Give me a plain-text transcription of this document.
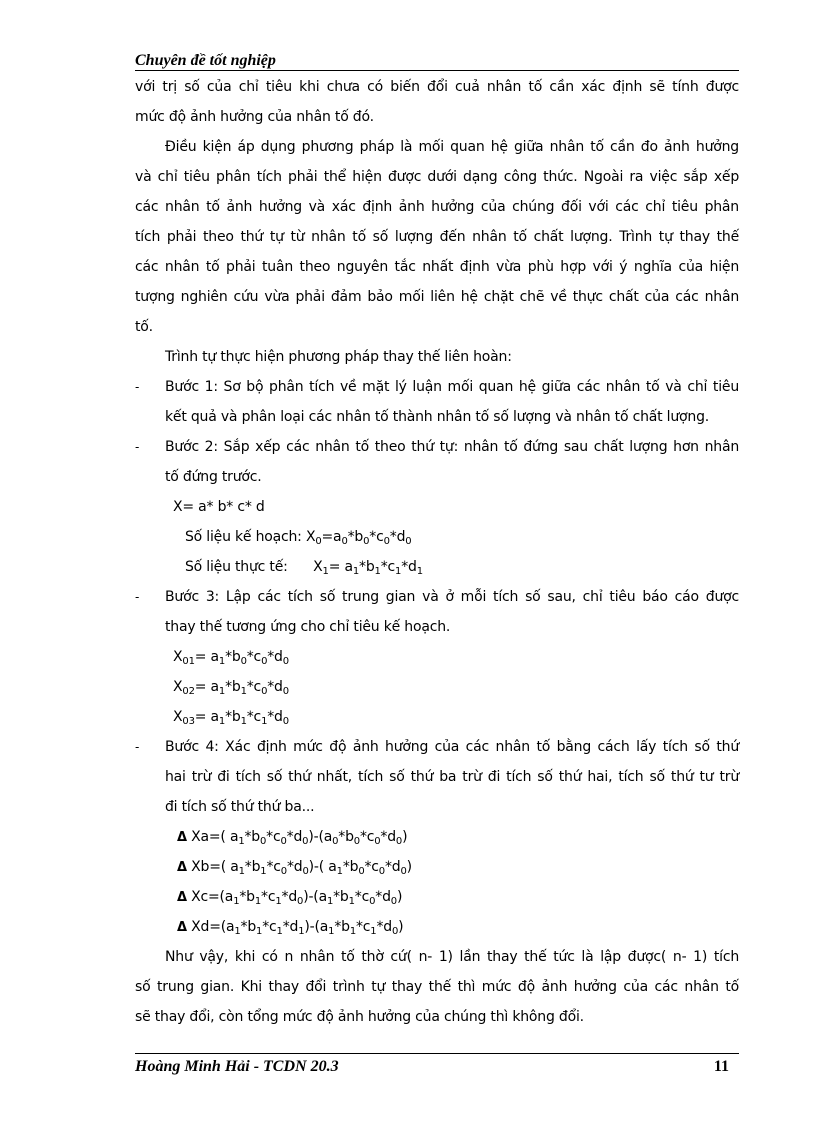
Chuyên đề tốt nghiệp
với trị số của chỉ tiêu khi chưa có biến đổi cuả nhân tố cần xác định sẽ tính được
mức độ ảnh hưởng của nhân tố đó.
Điều kiện áp dụng phương pháp là mối quan hệ giữa nhân tố cần đo ảnh hưởng
và chỉ tiêu phân tích phải thể hiện được dưới dạng công thức. Ngoài ra việc sắp xếp
các nhân tố ảnh hưởng và xác định ảnh hưởng của chúng đối với các chỉ tiêu phân
tích phải theo thứ tự từ nhân tố số lượng đến nhân tố chất lượng. Trình tự thay thế
các nhân tố phải tuân theo nguyên tắc nhất định vừa phù hợp với ý nghĩa của hiện
tượng nghiên cứu vừa phải đảm bảo mối liên hệ chặt chẽ về thực chất của các nhân
tố.
Trình tự thực hiện phương pháp thay thế liên hoàn:
- Bước 1: Sơ bộ phân tích về mặt lý luận mối quan hệ giữa các nhân tố và chỉ tiêu
kết quả và phân loại các nhân tố thành nhân tố số lượng và nhân tố chất lượng.
- Bước 2: Sắp xếp các nhân tố theo thứ tự: nhân tố đứng sau chất lượng hơn nhân
tố đứng trước.
X= a* b* c* d
Số liệu kế hoạch: $X_0=a_0*b_0*c_0*d_0$
Số liệu thực tế:      $X_1= a_1*b_1*c_1*d_1$
- Bước 3: Lập các tích số trung gian và ở mỗi tích số sau, chỉ tiêu báo cáo được
thay thế tương ứng cho chỉ tiêu kế hoạch.
$X_{01}= a_1*b_0*c_0*d_0$
$X_{02}= a_1*b_1*c_0*d_0$
$X_{03}= a_1*b_1*c_1*d_0$
- Bước 4: Xác định mức độ ảnh hưởng của các nhân tố bằng cách lấy tích số thứ
hai trừ đi tích số thứ nhất, tích số thứ ba trừ đi tích số thứ hai, tích số thứ tư trừ
đi tích số thứ thứ ba...
Δ Xa=( $a_1*b_0*c_0*d_0)-(a_0*b_0*c_0*d_0)$
Δ Xb=( $a_1*b_1*c_0*d_0)-$( $a_1*b_0*c_0*d_0$)
Δ $Xc=(a_1*b_1*c_1*d_0)-(a_1*b_1*c_0*d_0)$
Δ $Xd=(a_1*b_1*c_1*d_1)-(a_1*b_1*c_1*d_0)$
Như vậy, khi có n nhân tố thờ cứ( n- 1) lần thay thế tức là lập được( n- 1) tích
số trung gian. Khi thay đổi trình tự thay thế thì mức độ ảnh hưởng của các nhân tố
sẽ thay đổi, còn tổng mức độ ảnh hưởng của chúng thì không đổi.
Hoàng Minh Hải - TCDN 20.3	11
